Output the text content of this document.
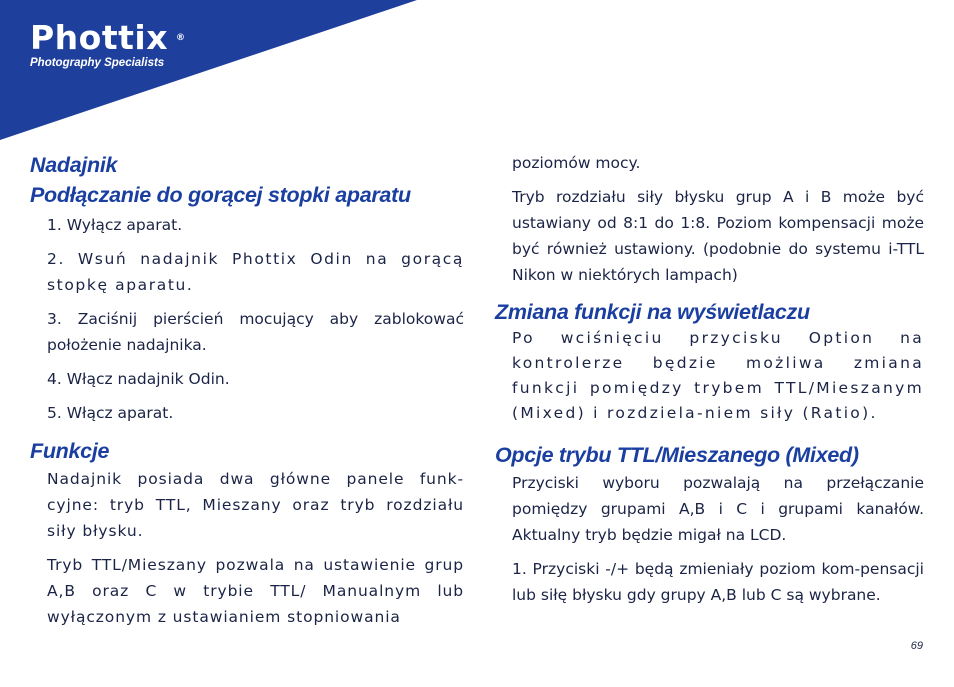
Phottix ®
Photography Specialists
Nadajnik
Podłączanie do gorącej stopki aparatu
1. Wyłącz aparat.
2. Wsuń nadajnik Phottix Odin na gorącą stopkę aparatu.
3. Zaciśnij pierścień mocujący aby zablokować położenie nadajnika.
4. Włącz nadajnik Odin.
5. Włącz aparat.
Funkcje
Nadajnik posiada dwa główne panele funk-cyjne: tryb TTL, Mieszany oraz tryb rozdziału siły błysku.
Tryb TTL/Mieszany pozwala na ustawienie grup A,B oraz C w trybie TTL/ Manualnym lub wyłączonym z ustawianiem stopniowania
poziomów mocy.
Tryb rozdziału siły błysku grup A i B może być ustawiany od 8:1 do 1:8. Poziom kompensacji może być również ustawiony. (podobnie do systemu i-TTL Nikon w niektórych lampach)
Zmiana funkcji na wyświetlaczu
Po wciśnięciu przycisku Option na kontrolerze będzie możliwa zmiana funkcji pomiędzy trybem TTL/Mieszanym (Mixed) i rozdziela-niem siły (Ratio).
Opcje trybu TTL/Mieszanego (Mixed)
Przyciski wyboru pozwalają na przełączanie pomiędzy grupami A,B i C i grupami kanałów. Aktualny tryb będzie migał na LCD.
1. Przyciski -/+ będą zmieniały poziom kom-pensacji lub siłę błysku gdy grupy A,B lub C są wybrane.
69
